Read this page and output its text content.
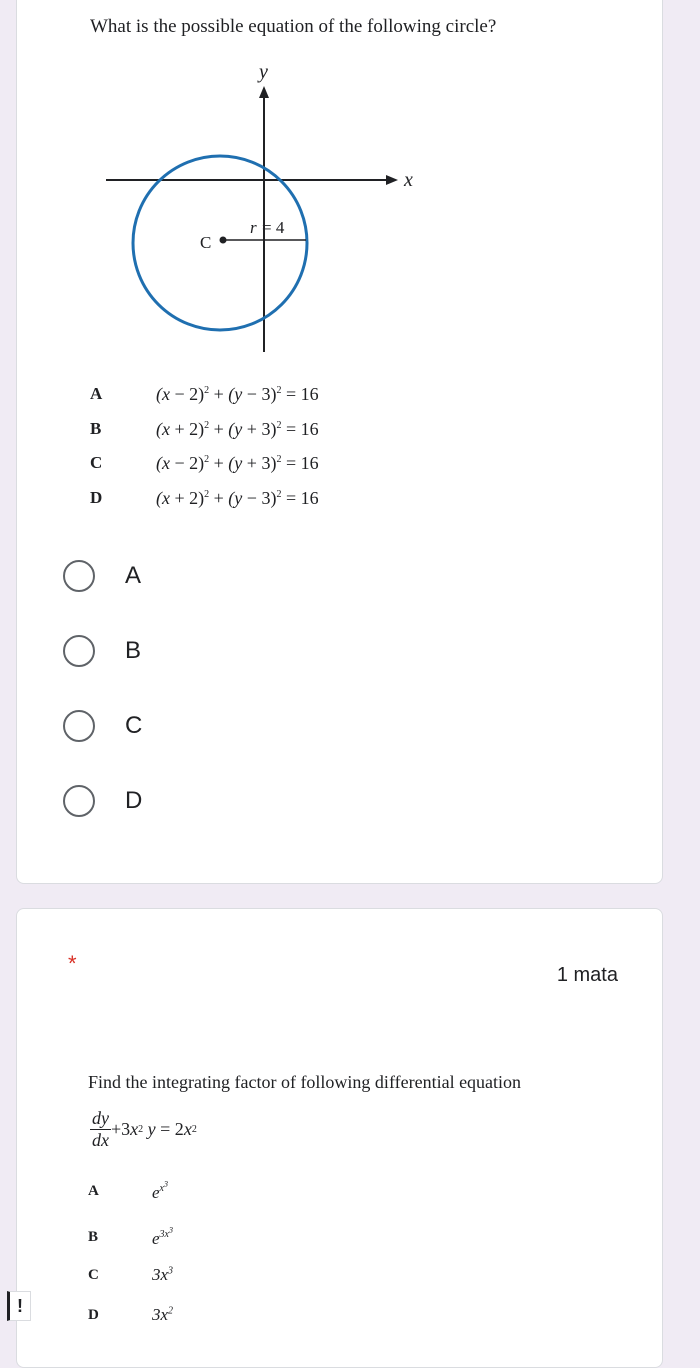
What is the possible equation of the following circle?
y
x
C
r = 4
A	$(x - 2)^2 + (y - 3)^2 = 16$
B	$(x + 2)^2 + (y + 3)^2 = 16$
C	$(x - 2)^2 + (y + 3)^2 = 16$
D	$(x + 2)^2 + (y - 3)^2 = 16$
A
B
C
D
*	1 mata
Find the integrating factor of following differential equation
$\frac{dy}{dx} +3$ x 2
y
= 2 x 2
A	$e^{x^3}$
B	$e^{3x^3}$
C	$3x^3$
D	$3x^2$
!
